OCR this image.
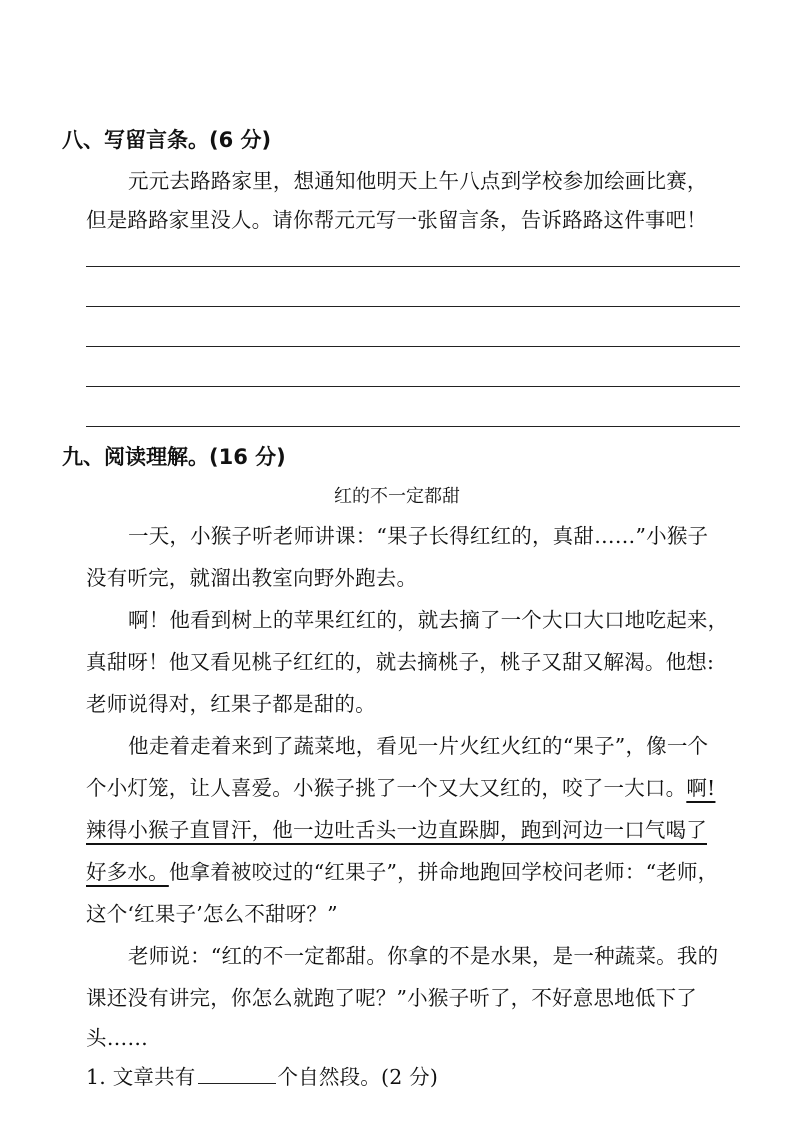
八、写留言条。(6 分)
元元去路路家里，想通知他明天上午八点到学校参加绘画比赛，
但是路路家里没人。请你帮元元写一张留言条，告诉路路这件事吧！
九、阅读理解。(16 分)
红的不一定都甜
一天，小猴子听老师讲课：“果子长得红红的，真甜……”小猴子
没有听完，就溜出教室向野外跑去。
啊！他看到树上的苹果红红的，就去摘了一个大口大口地吃起来，
真甜呀！他又看见桃子红红的，就去摘桃子，桃子又甜又解渴。他想:
老师说得对，红果子都是甜的。
他走着走着来到了蔬菜地，看见一片火红火红的“果子”，像一个
个小灯笼，让人喜爱。小猴子挑了一个又大又红的，咬了一大口。啊!
辣得小猴子直冒汗，他一边吐舌头一边直跺脚，跑到河边一口气喝了
好多水。他拿着被咬过的“红果子”，拼命地跑回学校问老师：“老师，
这个‘红果子’怎么不甜呀？”
老师说：“红的不一定都甜。你拿的不是水果，是一种蔬菜。我的
课还没有讲完，你怎么就跑了呢？”小猴子听了，不好意思地低下了
头……
1. 文章共有	个自然段。(2 分)
